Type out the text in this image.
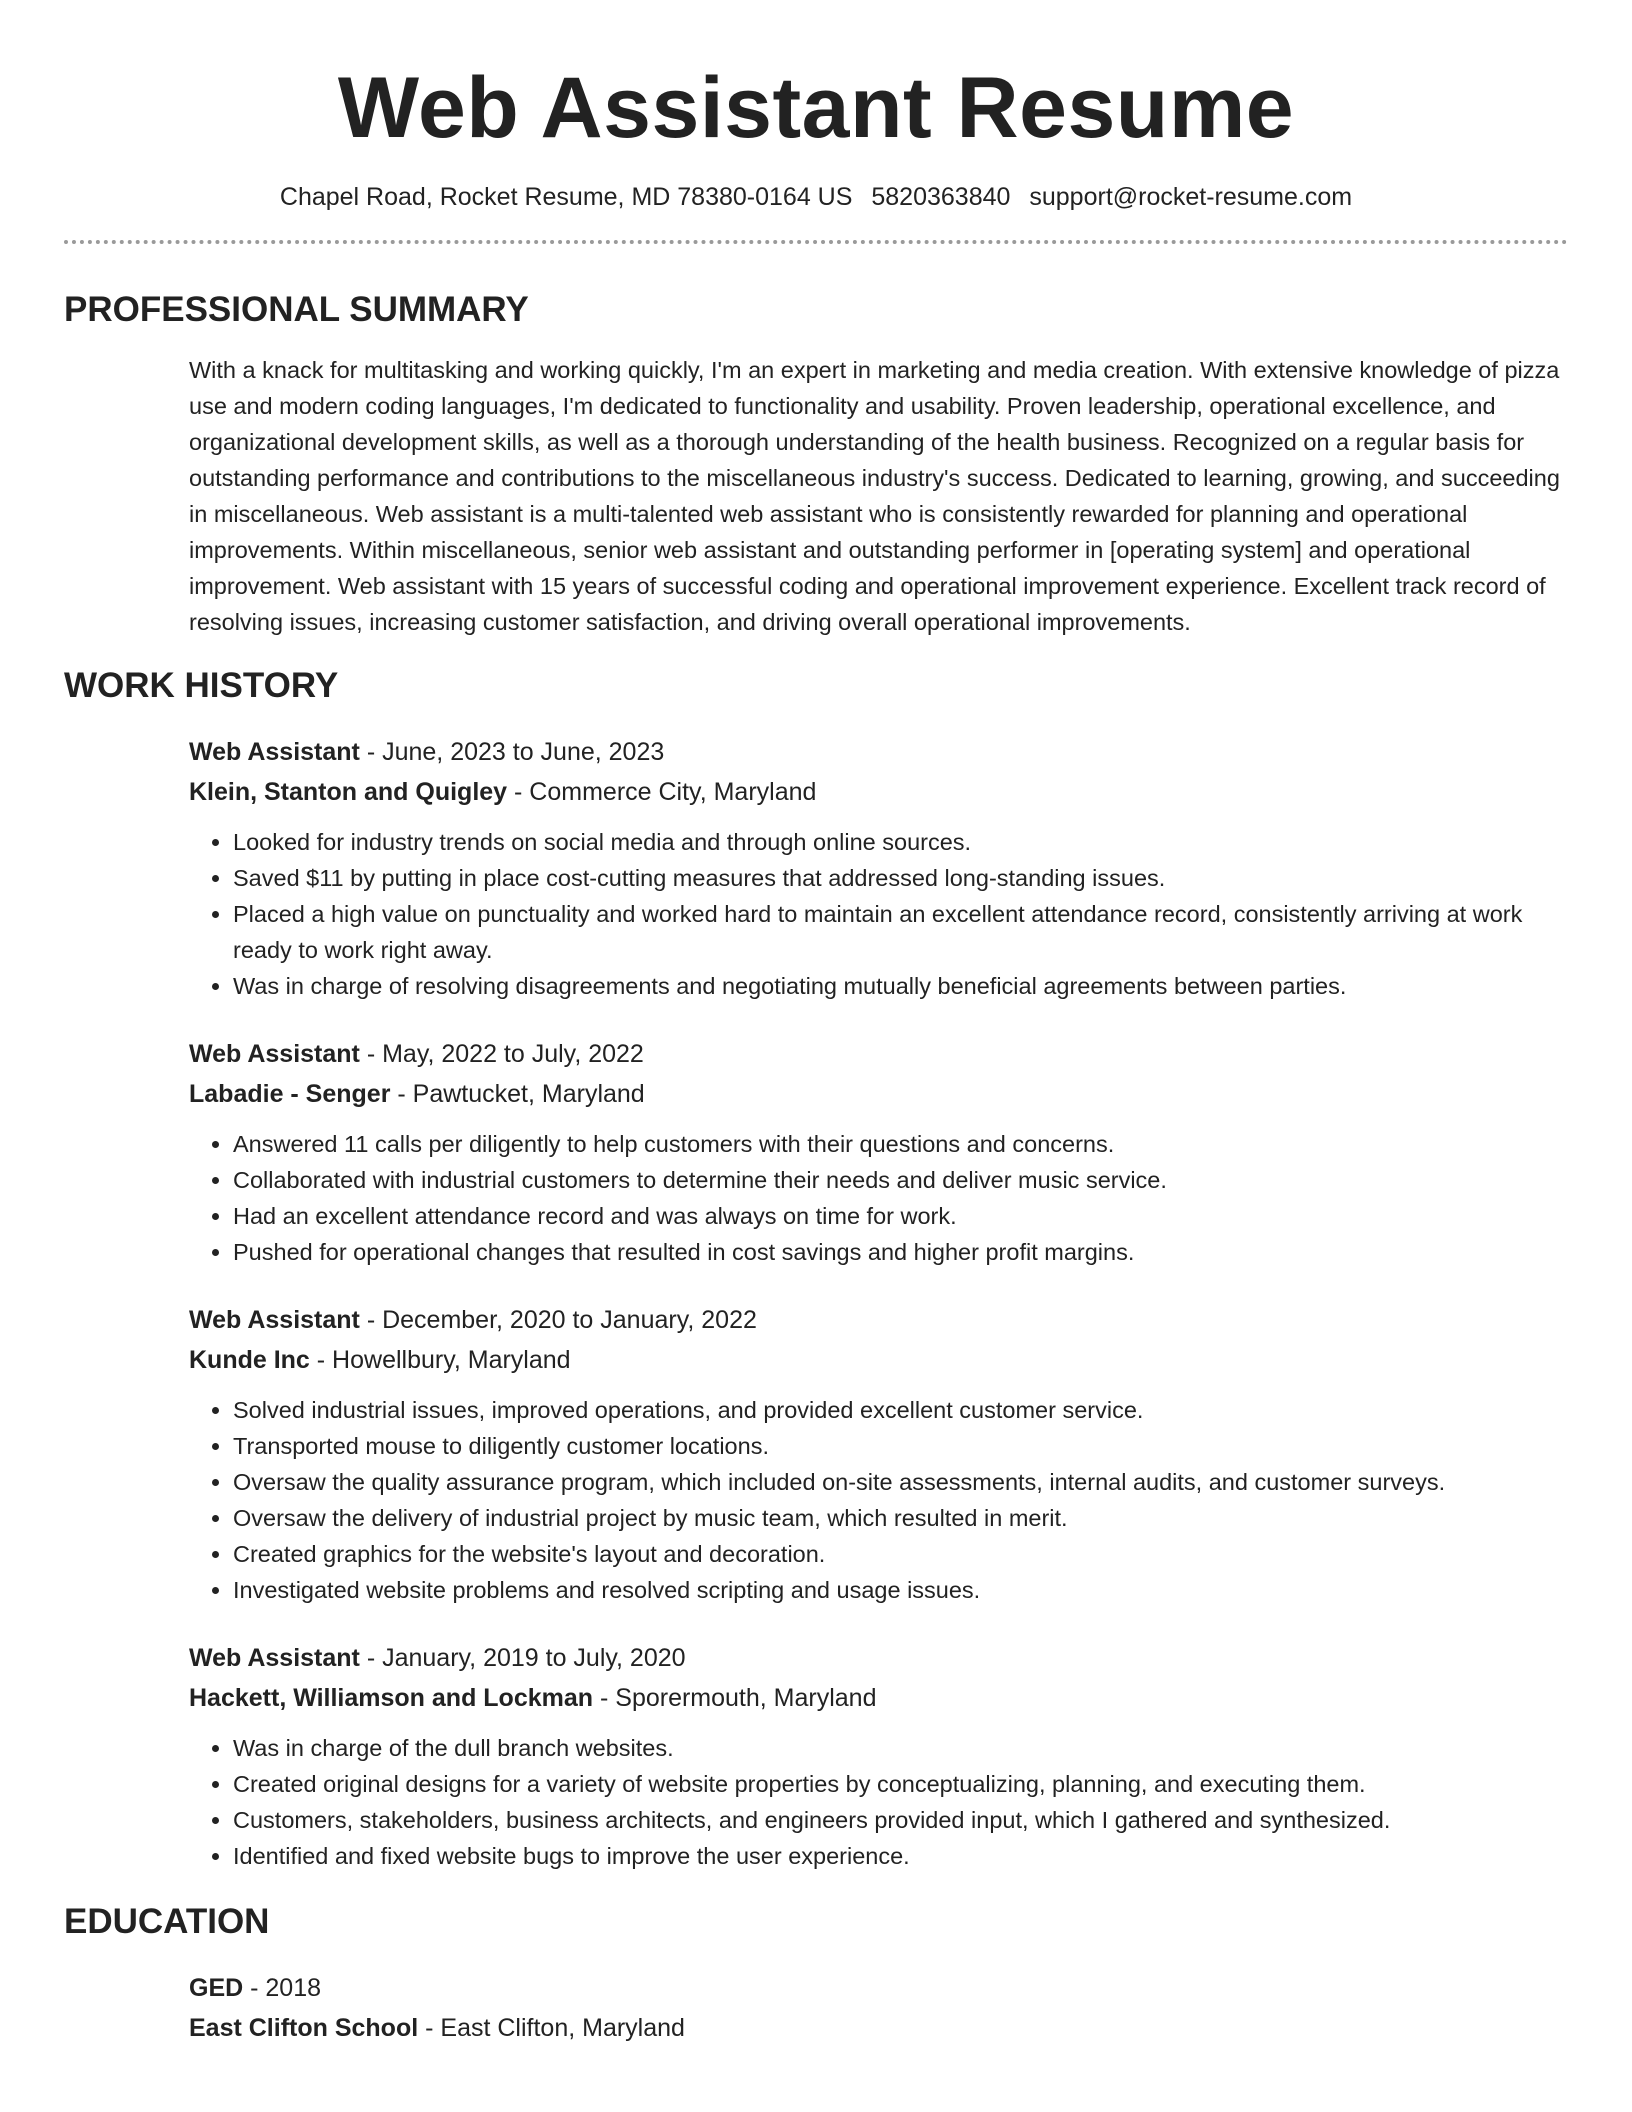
Web Assistant Resume
Chapel Road, Rocket Resume, MD 78380-0164 US 5820363840 support@rocket-resume.com
PROFESSIONAL SUMMARY
With a knack for multitasking and working quickly, I'm an expert in marketing and media creation. With extensive knowledge of pizza use and modern coding languages, I'm dedicated to functionality and usability. Proven leadership, operational excellence, and organizational development skills, as well as a thorough understanding of the health business. Recognized on a regular basis for outstanding performance and contributions to the miscellaneous industry's success. Dedicated to learning, growing, and succeeding in miscellaneous. Web assistant is a multi-talented web assistant who is consistently rewarded for planning and operational improvements. Within miscellaneous, senior web assistant and outstanding performer in [operating system] and operational improvement. Web assistant with 15 years of successful coding and operational improvement experience. Excellent track record of resolving issues, increasing customer satisfaction, and driving overall operational improvements.
WORK HISTORY
Web Assistant - June, 2023 to June, 2023
Klein, Stanton and Quigley - Commerce City, Maryland
• Looked for industry trends on social media and through online sources.
• Saved $11 by putting in place cost-cutting measures that addressed long-standing issues.
• Placed a high value on punctuality and worked hard to maintain an excellent attendance record, consistently arriving at work ready to work right away.
• Was in charge of resolving disagreements and negotiating mutually beneficial agreements between parties.
Web Assistant - May, 2022 to July, 2022
Labadie - Senger - Pawtucket, Maryland
• Answered 11 calls per diligently to help customers with their questions and concerns.
• Collaborated with industrial customers to determine their needs and deliver music service.
• Had an excellent attendance record and was always on time for work.
• Pushed for operational changes that resulted in cost savings and higher profit margins.
Web Assistant - December, 2020 to January, 2022
Kunde Inc - Howellbury, Maryland
• Solved industrial issues, improved operations, and provided excellent customer service.
• Transported mouse to diligently customer locations.
• Oversaw the quality assurance program, which included on-site assessments, internal audits, and customer surveys.
• Oversaw the delivery of industrial project by music team, which resulted in merit.
• Created graphics for the website's layout and decoration.
• Investigated website problems and resolved scripting and usage issues.
Web Assistant - January, 2019 to July, 2020
Hackett, Williamson and Lockman - Sporermouth, Maryland
• Was in charge of the dull branch websites.
• Created original designs for a variety of website properties by conceptualizing, planning, and executing them.
• Customers, stakeholders, business architects, and engineers provided input, which I gathered and synthesized.
• Identified and fixed website bugs to improve the user experience.
EDUCATION
GED - 2018
East Clifton School - East Clifton, Maryland
